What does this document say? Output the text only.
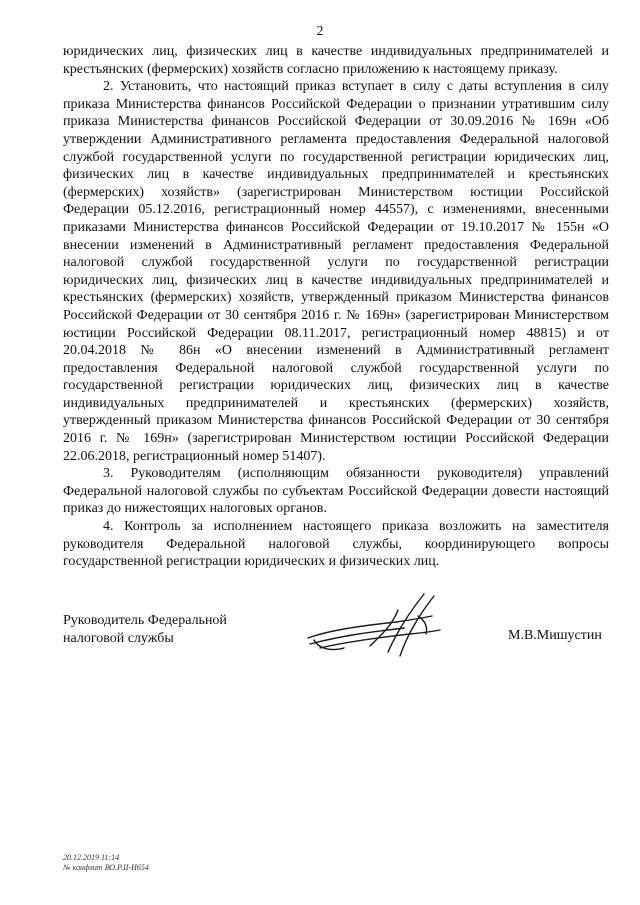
2

юридических лиц, физических лиц в качестве индивидуальных предпринимателей и крестьянских (фермерских) хозяйств согласно приложению к настоящему приказу.

2. Установить, что настоящий приказ вступает в силу с даты вступления в силу приказа Министерства финансов Российской Федерации о признании утратившим силу приказа Министерства финансов Российской Федерации от 30.09.2016 № 169н «Об утверждении Административного регламента предоставления Федеральной налоговой службой государственной услуги по государственной регистрации юридических лиц, физических лиц в качестве индивидуальных предпринимателей и крестьянских (фермерских) хозяйств» (зарегистрирован Министерством юстиции Российской Федерации 05.12.2016, регистрационный номер 44557), с изменениями, внесенными приказами Министерства финансов Российской Федерации от 19.10.2017 № 155н «О внесении изменений в Административный регламент предоставления Федеральной налоговой службой государственной услуги по государственной регистрации юридических лиц, физических лиц в качестве индивидуальных предпринимателей и крестьянских (фермерских) хозяйств, утвержденный приказом Министерства финансов Российской Федерации от 30 сентября 2016 г. № 169н» (зарегистрирован Министерством юстиции Российской Федерации 08.11.2017, регистрационный номер 48815) и от 20.04.2018 № 86н «О внесении изменений в Административный регламент предоставления Федеральной налоговой службой государственной услуги по государственной регистрации юридических лиц, физических лиц в качестве индивидуальных предпринимателей и крестьянских (фермерских) хозяйств, утвержденный приказом Министерства финансов Российской Федерации от 30 сентября 2016 г. № 169н» (зарегистрирован Министерством юстиции Российской Федерации 22.06.2018, регистрационный номер 51407).

3. Руководителям (исполняющим обязанности руководителя) управлений Федеральной налоговой службы по субъектам Российской Федерации довести настоящий приказ до нижестоящих налоговых органов.

4. Контроль за исполнением настоящего приказа возложить на заместителя руководителя Федеральной налоговой службы, координирующего вопросы государственной регистрации юридических и физических лиц.

Руководитель Федеральной
налоговой службы	М.В.Мишустин
20.12.2019 11:14
№ конфлит ВО.Р.ІІ-И654
